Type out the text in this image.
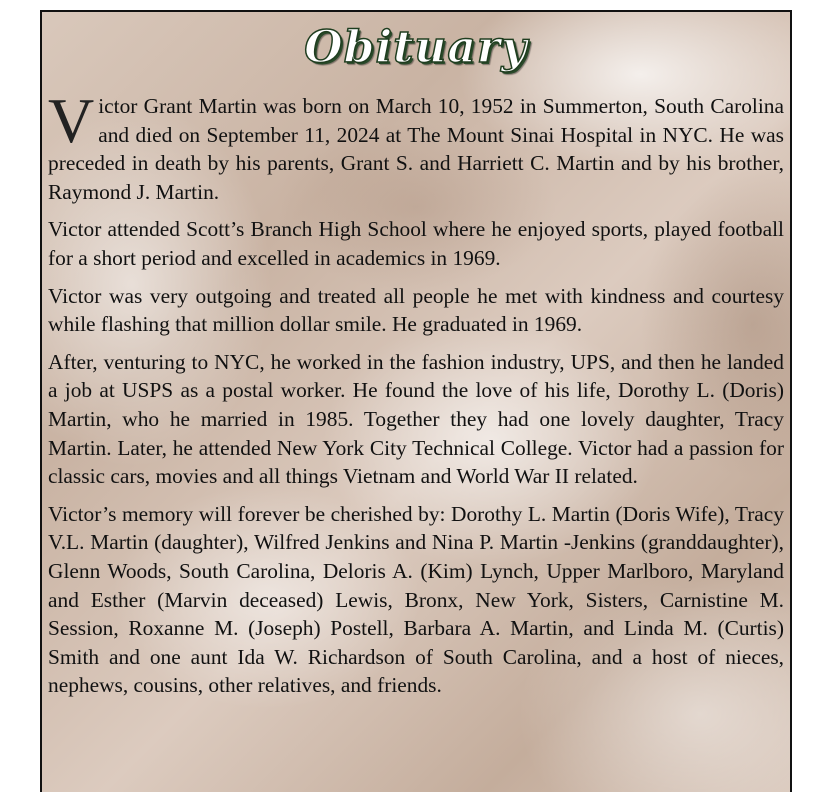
Obituary

Victor Grant Martin was born on March 10, 1952 in Summerton, South Carolina and died on September 11, 2024 at The Mount Sinai Hospital in NYC. He was preceded in death by his parents, Grant S. and Harriett C. Martin and by his brother, Raymond J. Martin.

Victor attended Scott’s Branch High School where he enjoyed sports, played football for a short period and excelled in academics in 1969.

Victor was very outgoing and treated all people he met with kindness and courtesy while flashing that million dollar smile. He graduated in 1969.

After, venturing to NYC, he worked in the fashion industry, UPS, and then he landed a job at USPS as a postal worker. He found the love of his life, Dorothy L. (Doris) Martin, who he married in 1985. Together they had one lovely daughter, Tracy Martin. Later, he attended New York City Technical College. Victor had a passion for classic cars, movies and all things Vietnam and World War II related.

Victor’s memory will forever be cherished by: Dorothy L. Martin (Doris Wife), Tracy V.L. Martin (daughter), Wilfred Jenkins and Nina P. Martin -Jenkins (granddaughter), Glenn Woods, South Carolina, Deloris A. (Kim) Lynch, Upper Marlboro, Maryland and Esther (Marvin deceased) Lewis, Bronx, New York, Sisters, Carnistine M. Session, Roxanne M. (Joseph) Postell, Barbara A. Martin, and Linda M. (Curtis) Smith and one aunt Ida W. Richardson of South Carolina, and a host of nieces, nephews, cousins, other relatives, and friends.
